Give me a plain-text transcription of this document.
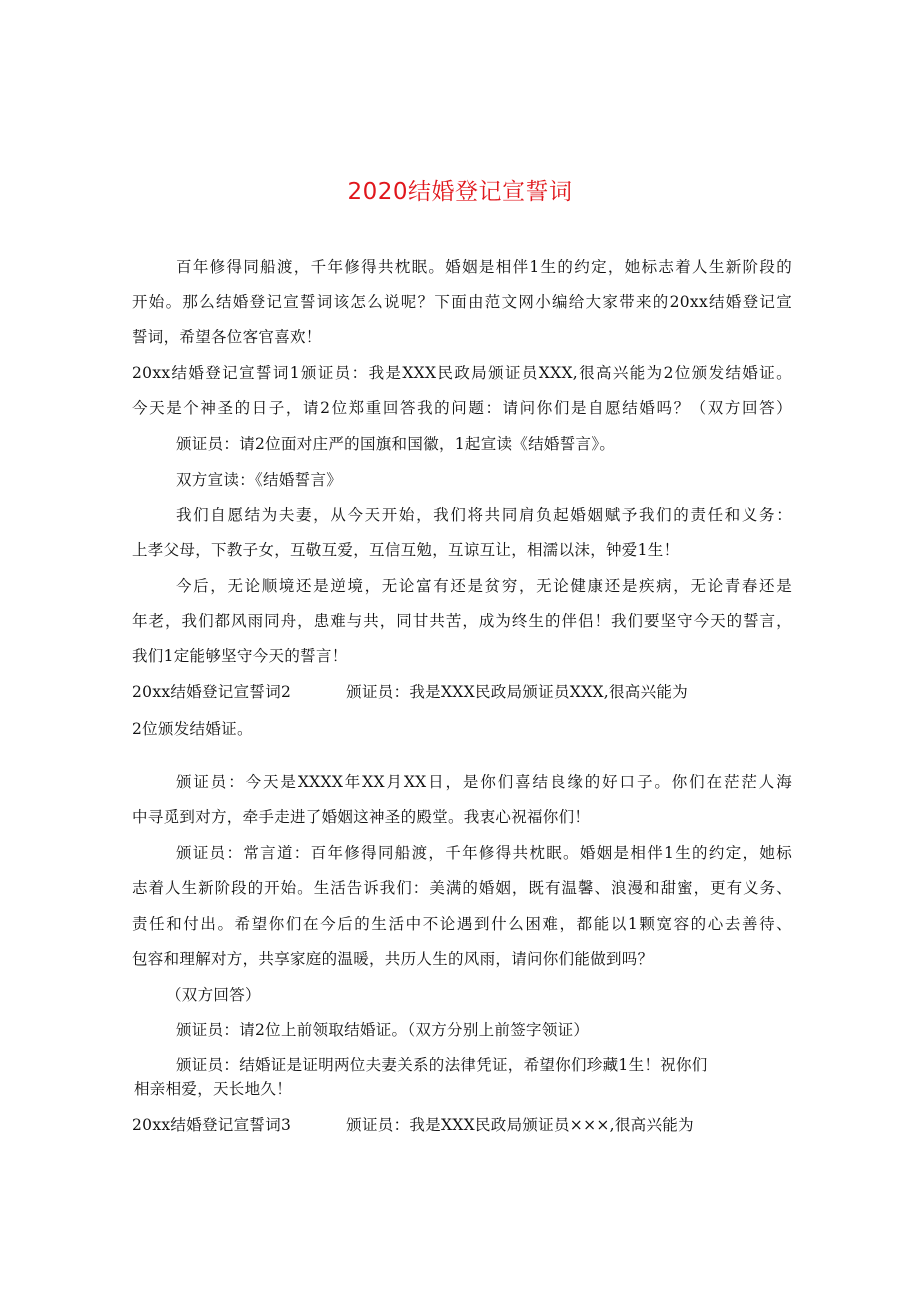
2020结婚登记宣誓词
百年修得同船渡，千年修得共枕眠。婚姻是相伴1生的约定，她标志着人生新阶段的
开始。那么结婚登记宣誓词该怎么说呢？下面由范文网小编给大家带来的20xx结婚登记宣
誓词，希望各位客官喜欢！
20xx结婚登记宣誓词1颁证员：我是XXX民政局颁证员XXX,很高兴能为2位颁发结婚证。
今天是个神圣的日子，请2位郑重回答我的问题：请问你们是自愿结婚吗？（双方回答）
颁证员：请2位面对庄严的国旗和国徽，1起宣读《结婚誓言》。
双方宣读：《结婚誓言》
我们自愿结为夫妻，从今天开始，我们将共同肩负起婚姻赋予我们的责任和义务：
上孝父母，下教子女，互敬互爱，互信互勉，互谅互让，相濡以沫，钟爱1生！
今后，无论顺境还是逆境，无论富有还是贫穷，无论健康还是疾病，无论青春还是
年老，我们都风雨同舟，患难与共，同甘共苦，成为终生的伴侣！我们要坚守今天的誓言，
我们1定能够坚守今天的誓言！
20xx结婚登记宣誓词2	颁证员：我是XXX民政局颁证员XXX,很高兴能为
2位颁发结婚证。
颁证员：今天是XXXX年XX月XX日，是你们喜结良缘的好口子。你们在茫茫人海
中寻觅到对方，牵手走进了婚姻这神圣的殿堂。我衷心祝福你们！
颁证员：常言道：百年修得同船渡，千年修得共枕眠。婚姻是相伴1生的约定，她标
志着人生新阶段的开始。生活告诉我们：美满的婚姻，既有温馨、浪漫和甜蜜，更有义务、
责任和付出。希望你们在今后的生活中不论遇到什么困难，都能以1颗宽容的心去善待、
包容和理解对方，共享家庭的温暖，共历人生的风雨，请问你们能做到吗？
（双方回答）
颁证员：请2位上前领取结婚证。（双方分别上前签字领证）
颁证员：结婚证是证明两位夫妻关系的法律凭证，希望你们珍藏1生！祝你们
相亲相爱，天长地久！
20xx结婚登记宣誓词3	颁证员：我是XXX民政局颁证员×××,很高兴能为
